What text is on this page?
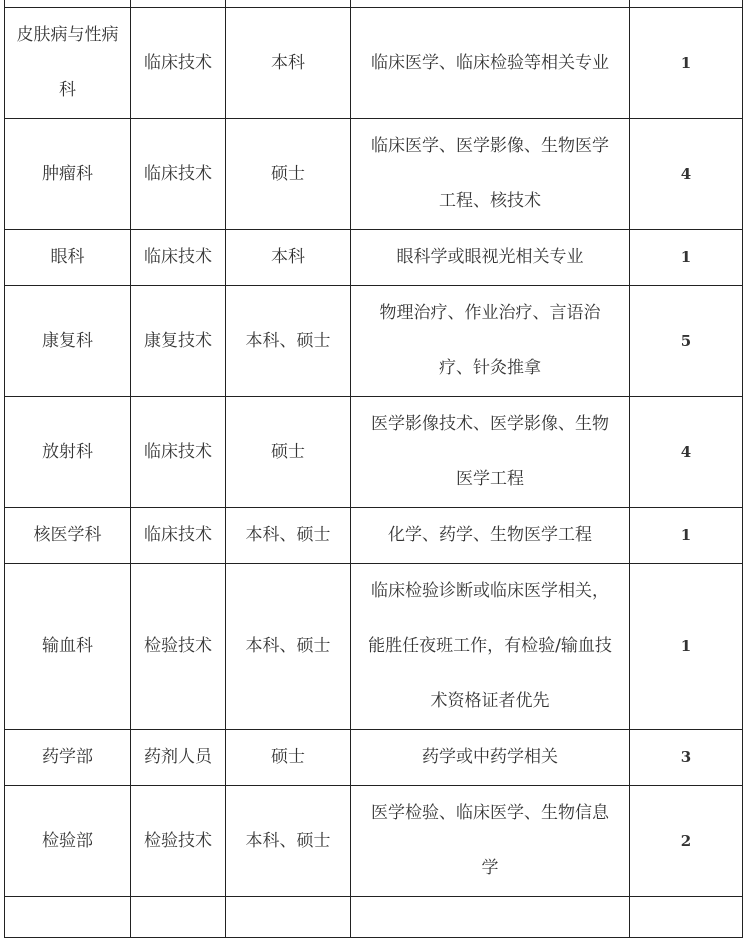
皮肤病与性病科	临床技术	本科	临床医学、临床检验等相关专业	1
肿瘤科	临床技术	硕士	临床医学、医学影像、生物医学工程、核技术	4
眼科	临床技术	本科	眼科学或眼视光相关专业	1
康复科	康复技术	本科、硕士	物理治疗、作业治疗、言语治疗、针灸推拿	5
放射科	临床技术	硕士	医学影像技术、医学影像、生物医学工程	4
核医学科	临床技术	本科、硕士	化学、药学、生物医学工程	1
输血科	检验技术	本科、硕士	临床检验诊断或临床医学相关，能胜任夜班工作，有检验/输血技术资格证者优先	1
药学部	药剂人员	硕士	药学或中药学相关	3
检验部	检验技术	本科、硕士	医学检验、临床医学、生物信息学	2
